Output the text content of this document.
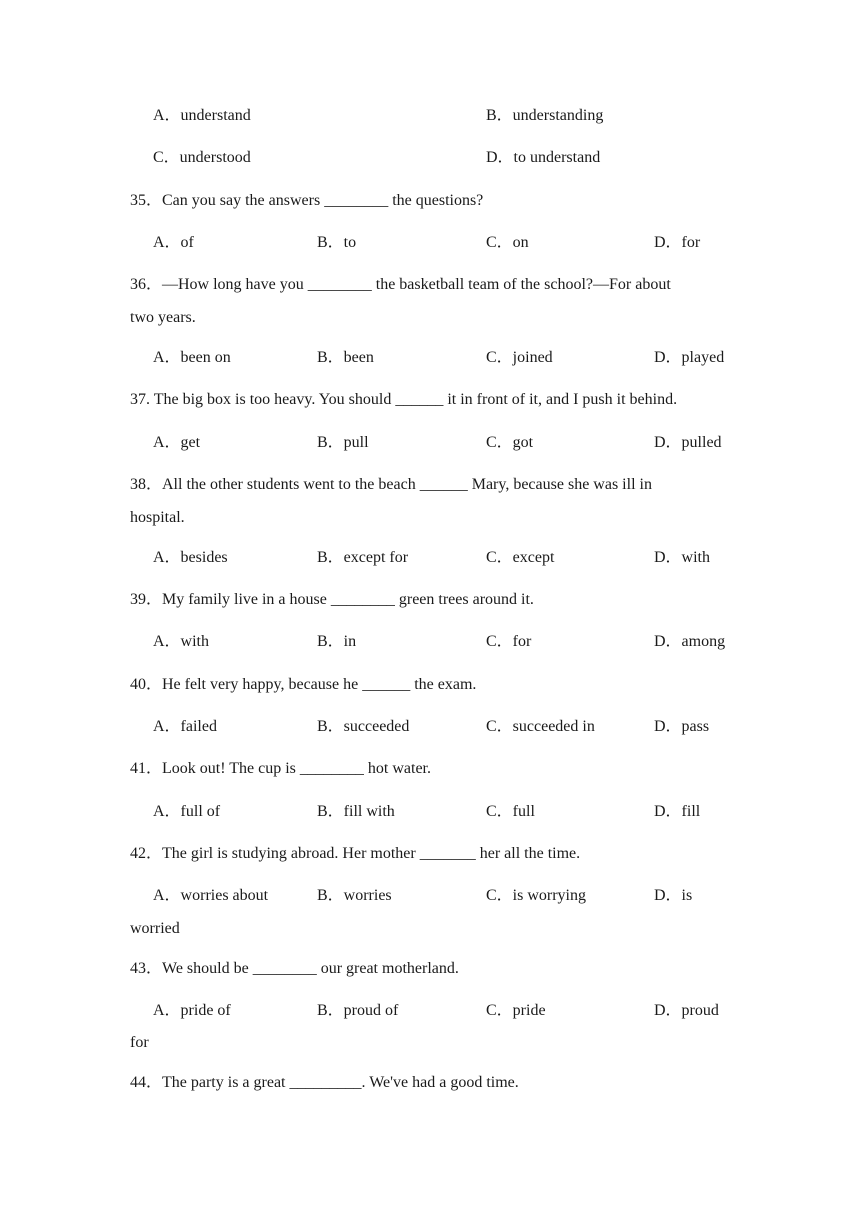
A．understand	B．understanding
C．understood	D．to understand
35．Can you say the answers ________ the questions?
A．of	B．to	C．on	D．for
36．—How long have you ________ the basketball team of the school?—For about
two years.
A．been on	B．been	C．joined	D．played
37. The big box is too heavy. You should ______ it in front of it, and I push it behind.
A．get	B．pull	C．got	D．pulled
38．All the other students went to the beach ______ Mary, because she was ill in
hospital.
A．besides	B．except for	C．except	D．with
39．My family live in a house ________ green trees around it.
A．with	B．in	C．for	D．among
40．He felt very happy, because he ______ the exam.
A．failed	B．succeeded	C．succeeded in	D．pass
41．Look out! The cup is ________ hot water.
A．full of	B．fill with	C．full	D．fill
42．The girl is studying abroad. Her mother _______ her all the time.
A．worries about	B．worries	C．is worrying	D．is
worried
43．We should be ________ our great motherland.
A．pride of	B．proud of	C．pride	D．proud
for
44．The party is a great _________. We've had a good time.
